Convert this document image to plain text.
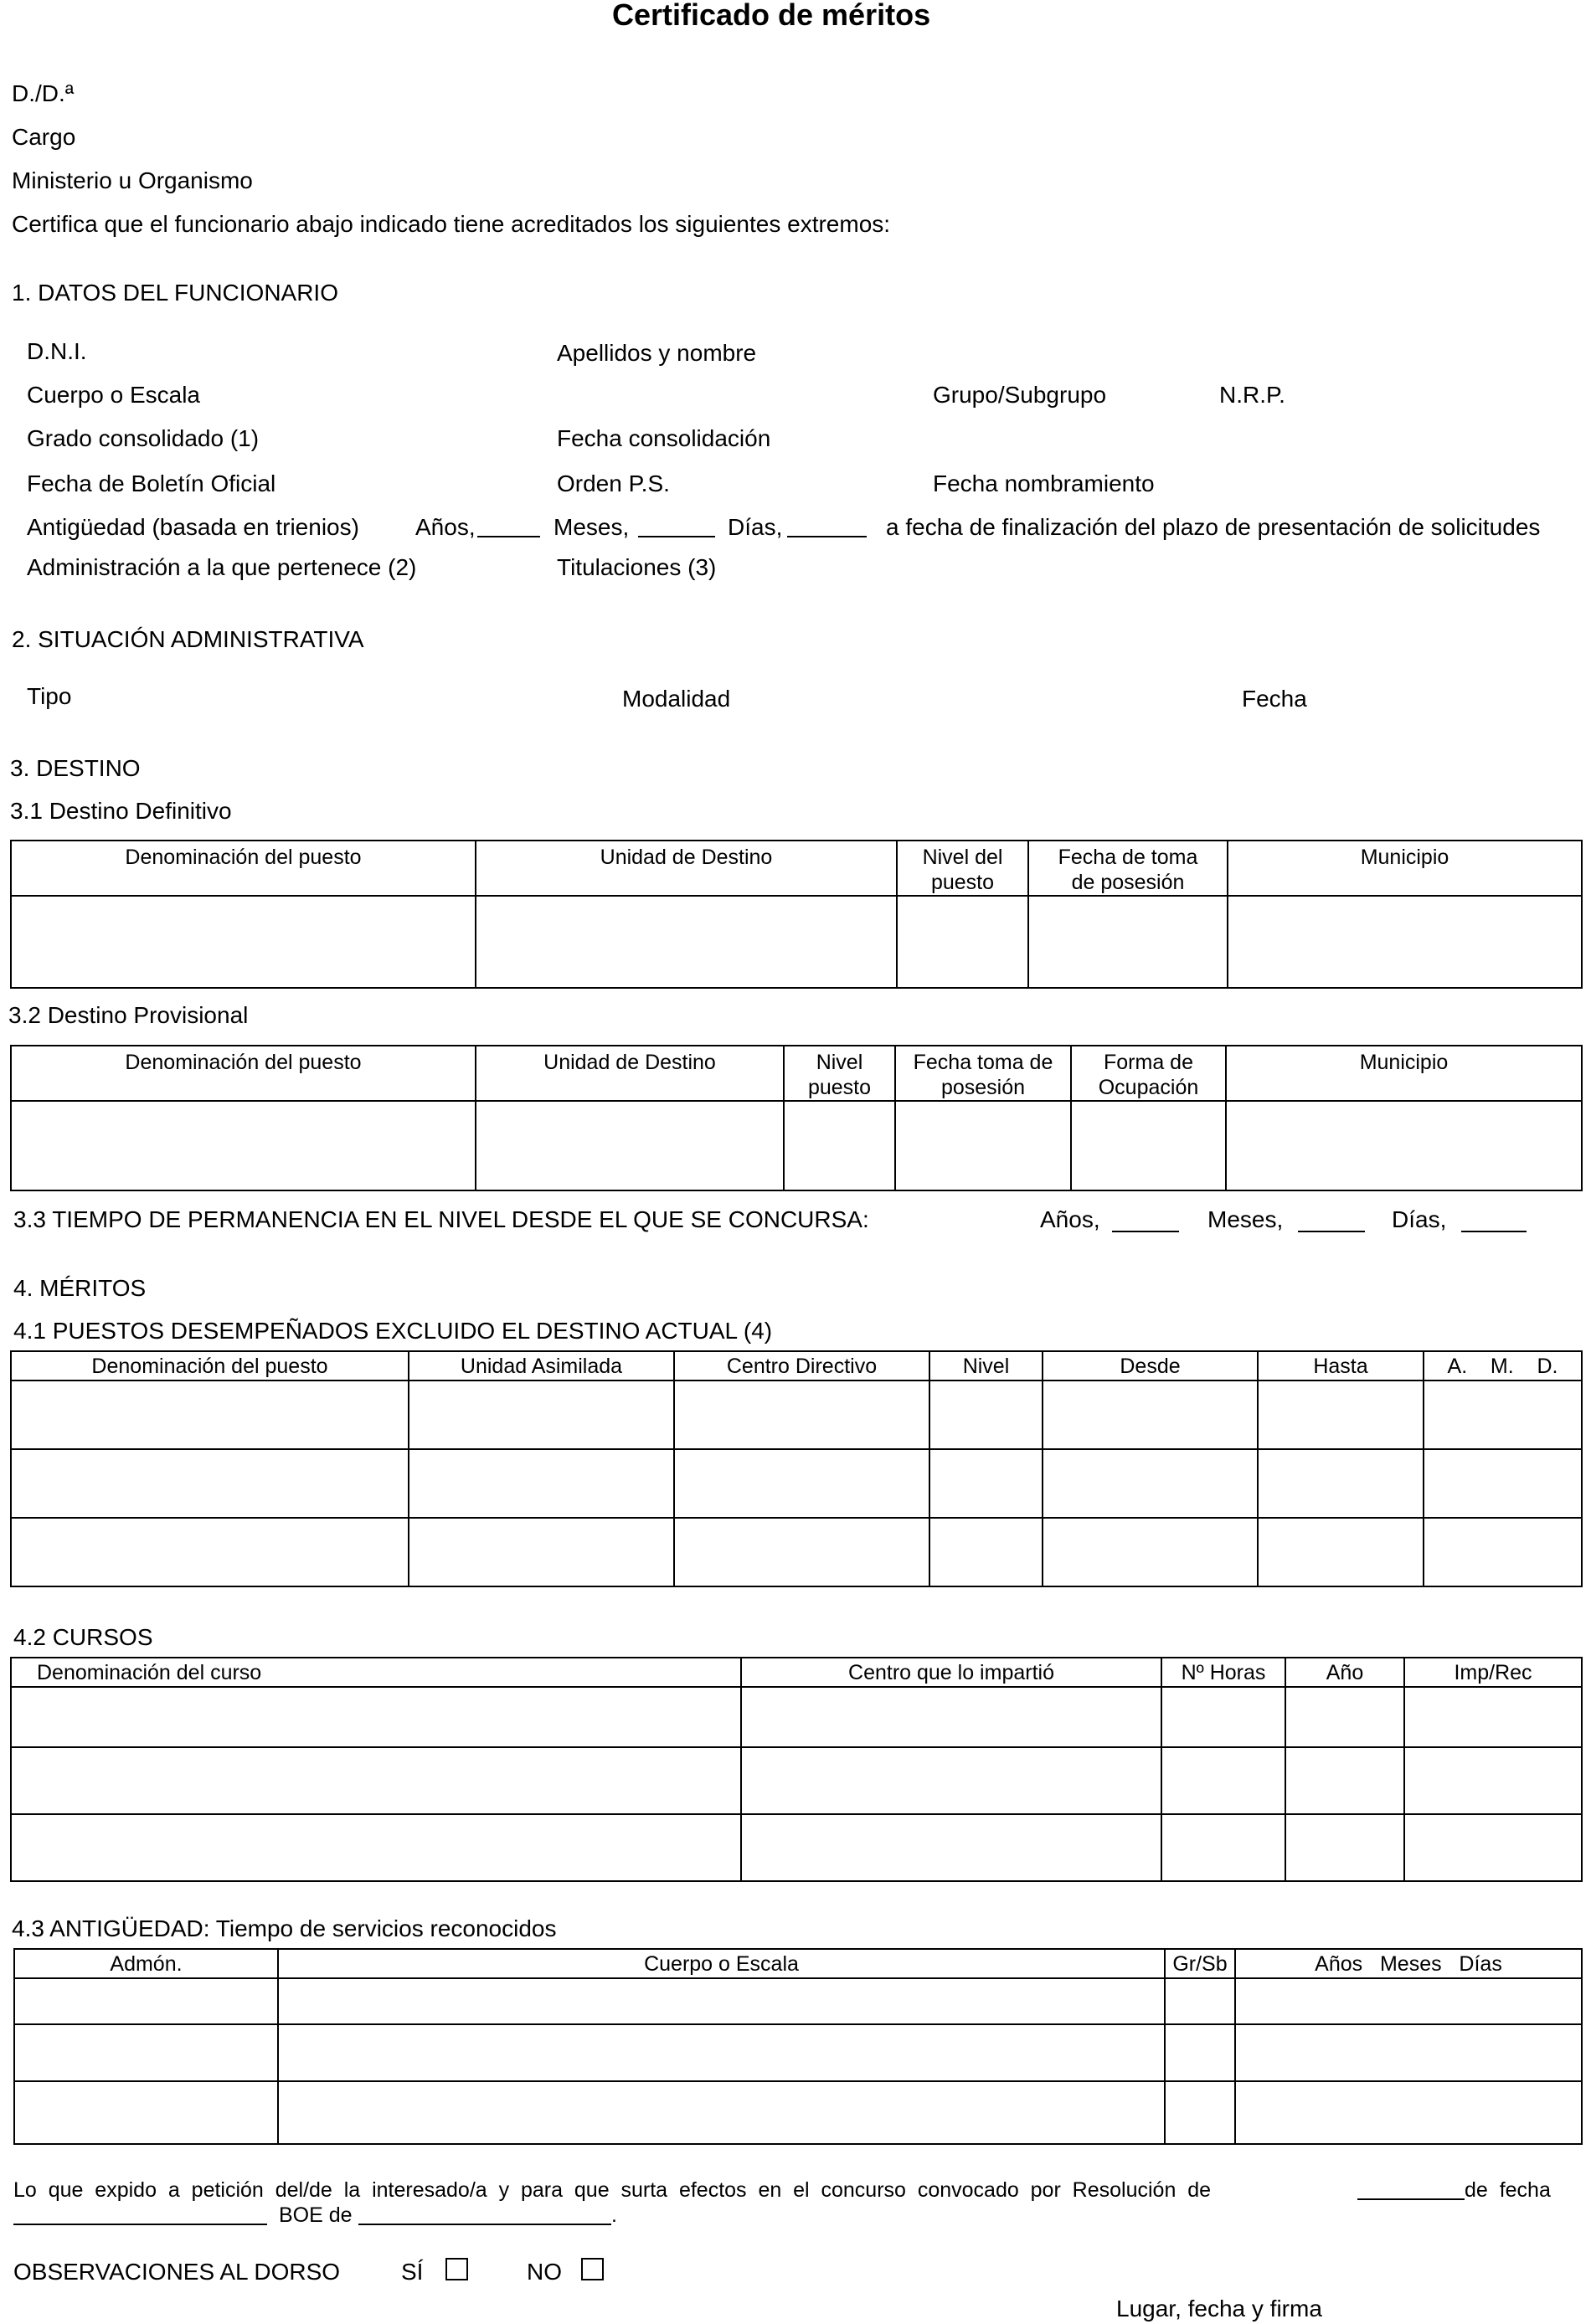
Certificado de méritos
D./D.ª
Cargo
Ministerio u Organismo
Certifica que el funcionario abajo indicado tiene acreditados los siguientes extremos:
1. DATOS DEL FUNCIONARIO
D.N.I.	Apellidos y nombre
Cuerpo o Escala	Grupo/Subgrupo	N.R.P.
Grado consolidado (1)	Fecha consolidación
Fecha de Boletín Oficial	Orden P.S.	Fecha nombramiento
Antigüedad (basada en trienios) Años,	Meses,	Días,	a fecha de finalización del plazo de presentación de solicitudes
Administración a la que pertenece (2)	Titulaciones (3)
2. SITUACIÓN ADMINISTRATIVA
Tipo	Modalidad	Fecha
3. DESTINO
3.1 Destino Definitivo
Denominación del puesto	Unidad de Destino	Nivel del puesto	Fecha de toma de posesión	Municipio

3.2 Destino Provisional
Denominación del puesto	Unidad de Destino	Nivel puesto	Fecha toma de posesión	Forma de Ocupación	Municipio

3.3 TIEMPO DE PERMANENCIA EN EL NIVEL DESDE EL QUE SE CONCURSA:	Años,	Meses,	Días,
4. MÉRITOS
4.1 PUESTOS DESEMPEÑADOS EXCLUIDO EL DESTINO ACTUAL (4)
Denominación del puesto	Unidad Asimilada	Centro Directivo	Nivel	Desde	Hasta	A.    M.    D.

4.2 CURSOS
Denominación del curso	Centro que lo impartió	Nº Horas	Año	Imp/Rec

4.3 ANTIGÜEDAD: Tiempo de servicios reconocidos
Admón.	Cuerpo o Escala	Gr/Sb	Años   Meses   Días

Lo  que  expido  a  petición  del/de  la  interesado/a  y  para  que  surta  efectos  en  el  concurso  convocado  por  Resolución  de	de  fecha
BOE de	.
OBSERVACIONES AL DORSO	SÍ	NO
Lugar, fecha y firma
